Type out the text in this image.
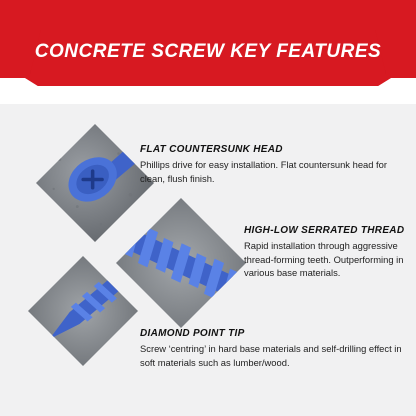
CONCRETE SCREW KEY FEATURES

FLAT COUNTERSUNK HEAD

Phillips drive for easy installation. Flat countersunk head for clean, flush finish.

HIGH-LOW SERRATED THREAD

Rapid installation through aggressive thread-forming teeth. Outperforming in various base materials.

DIAMOND POINT TIP

Screw ‘centring’ in hard base materials and self-drilling effect in soft materials such as lumber/wood.
